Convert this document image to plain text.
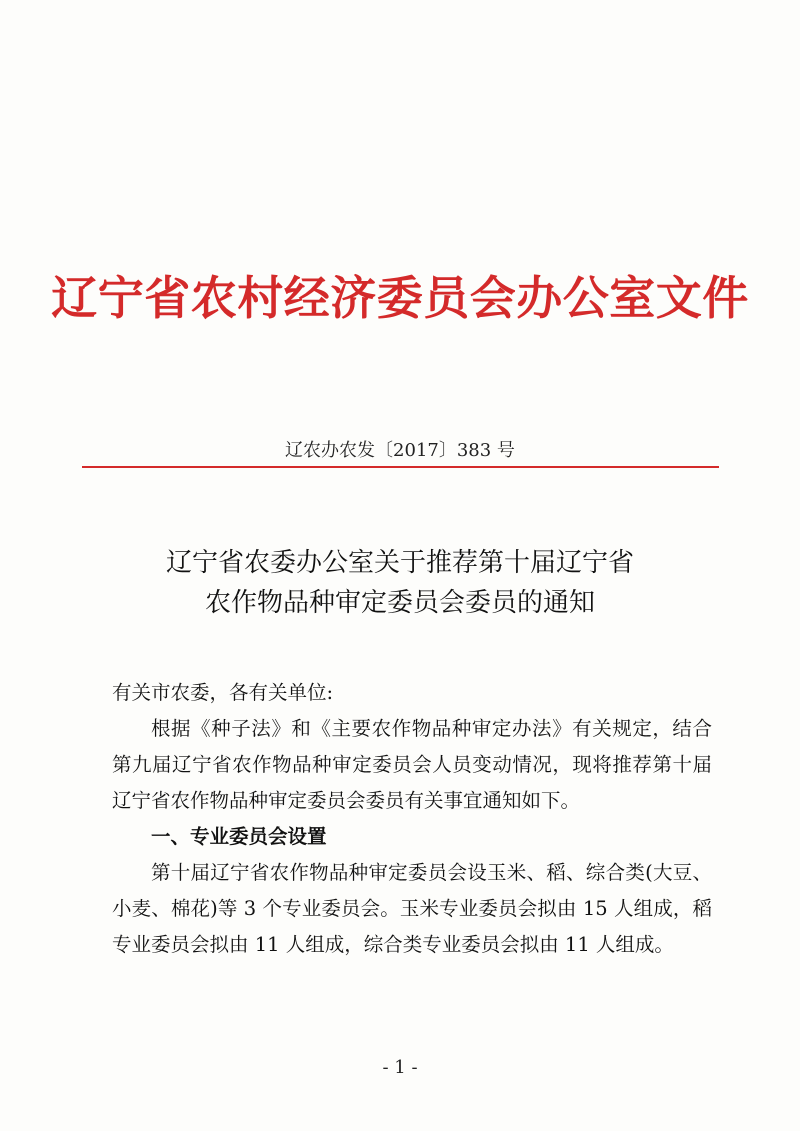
辽宁省农村经济委员会办公室文件
辽农办农发〔2017〕383 号
辽宁省农委办公室关于推荐第十届辽宁省
农作物品种审定委员会委员的通知

有关市农委，各有关单位:

根据《种子法》和《主要农作物品种审定办法》有关规定，结合第九届辽宁省农作物品种审定委员会人员变动情况，现将推荐第十届辽宁省农作物品种审定委员会委员有关事宜通知如下。

一、专业委员会设置

第十届辽宁省农作物品种审定委员会设玉米、稻、综合类(大豆、小麦、棉花)等 3 个专业委员会。玉米专业委员会拟由 15 人组成，稻专业委员会拟由 11 人组成，综合类专业委员会拟由 11 人组成。

- 1 -
